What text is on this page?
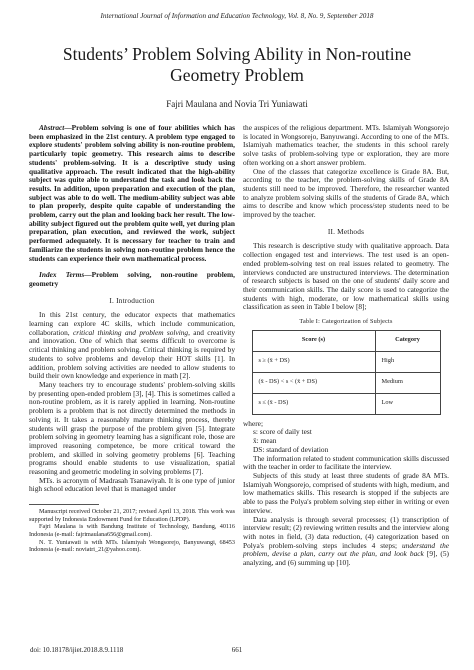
International Journal of Information and Education Technology, Vol. 8, No. 9, September 2018
Students’ Problem Solving Ability in Non-routine
Geometry Problem
Fajri Maulana and Novia Tri Yuniawati

Abstract—Problem solving is one of four abilities which has been emphasized in the 21st century. A problem type engaged to explore students' problem solving ability is non-routine problem, particularly topic geometry. This research aims to describe students' problem-solving. It is a descriptive study using qualitative approach. The result indicated that the high-ability subject was quite able to understand the task and look back the results. In addition, upon preparation and execution of the plan, subject was able to do well. The medium-ability subject was able to plan properly, despite quite capable of understanding the problem, carry out the plan and looking back her result. The low-ability subject figured out the problem quite well, yet during plan preparation, plan execution, and reviewed the work, subject performed adequately. It is necessary for teacher to train and familiarize the students in solving non-routine problem hence the students can experience their own mathematical process.

Index Terms—Problem solving, non-routine problem, geometry

I. Introduction

In this 21st century, the educator expects that mathematics learning can explore 4C skills, which include communication, collaboration, critical thinking and problem solving, and creativity and innovation. One of which that seems difficult to overcome is critical thinking and problem solving. Critical thinking is required by students to solve problems and develop their HOT skills [1]. In addition, problem solving activities are needed to allow students to build their own knowledge and experience in math [2].

Many teachers try to encourage students' problem-solving skills by presenting open-ended problem [3], [4]. This is sometimes called a non-routine problem, as it is rarely applied in learning. Non-routine problem is a problem that is not directly determined the methods in solving it. It takes a reasonably mature thinking process, thereby students will grasp the purpose of the problem given [5]. Integrate problem solving in geometry learning has a significant role, those are improved reasoning competence, be more critical toward the problem, and skilled in solving geometry problems [6]. Teaching programs should enable students to use visualization, spatial reasoning and geometric modeling in solving problems [7].

MTs. is acronym of Madrasah Tsanawiyah. It is one type of junior high school education level that is managed under

Manuscript received October 21, 2017; revised April 13, 2018. This work was supported by Indonesia Endowment Fund for Education (LPDP).

Fajri Maulana is with Bandung Institute of Technology, Bandung, 40116 Indonesia (e-mail: fajrimaulana656@gmail.com).

N. T. Yuniawati is with MTs. Islamiyah Wongsorejo, Banyuwangi, 68453 Indonesia (e-mail: noviatri_21@yahoo.com).

the auspices of the religious department. MTs. Islamiyah Wongsorejo is located in Wongsorejo, Banyuwangi. According to one of the MTs. Islamiyah mathematics teacher, the students in this school rarely solve tasks of problem-solving type or exploration, they are more often working on a short answer problem.

One of the classes that categorize excellence is Grade 8A. But, according to the teacher, the problem-solving skills of Grade 8A students still need to be improved. Therefore, the researcher wanted to analyze problem solving skills of the students of Grade 8A, which aims to describe and know which process/step students need to be improved by the teacher.

II. Methods

This research is descriptive study with qualitative approach. Data collection engaged test and interviews. The test used is an open-ended problem-solving test on real issues related to geometry. The interviews conducted are unstructured interviews. The determination of research subjects is based on the one of students' daily score and their communication skills. The daily score is used to categorize the students with high, moderate, or low mathematical skills using classification as seen in Table I below [8];

Table I: Categorization of Subjects

Score (s)	Category
s ≥ (x̄ + DS)	High
(x̄ - DS) < s < (x̄ + DS)	Medium
s ≤ (x̄ - DS)	Low

where;

s: score of daily test

x̄: mean

DS: standard of deviation

The information related to student communication skills discussed with the teacher in order to facilitate the interview.

Subjects of this study at least three students of grade 8A MTs. Islamiyah Wongsorejo, comprised of students with high, medium, and low mathematics skills. This research is stopped if the subjects are able to pass the Polya's problem solving step either in writing or even interview.

Data analysis is through several processes; (1) transcription of interview result; (2) reviewing written results and the interview along with notes in field, (3) data reduction, (4) categorization based on Polya's problem-solving steps includes 4 steps; understand the problem, devise a plan, carry out the plan, and look back [9], (5) analyzing, and (6) summing up [10].

doi: 10.18178/ijiet.2018.8.9.1118	661
